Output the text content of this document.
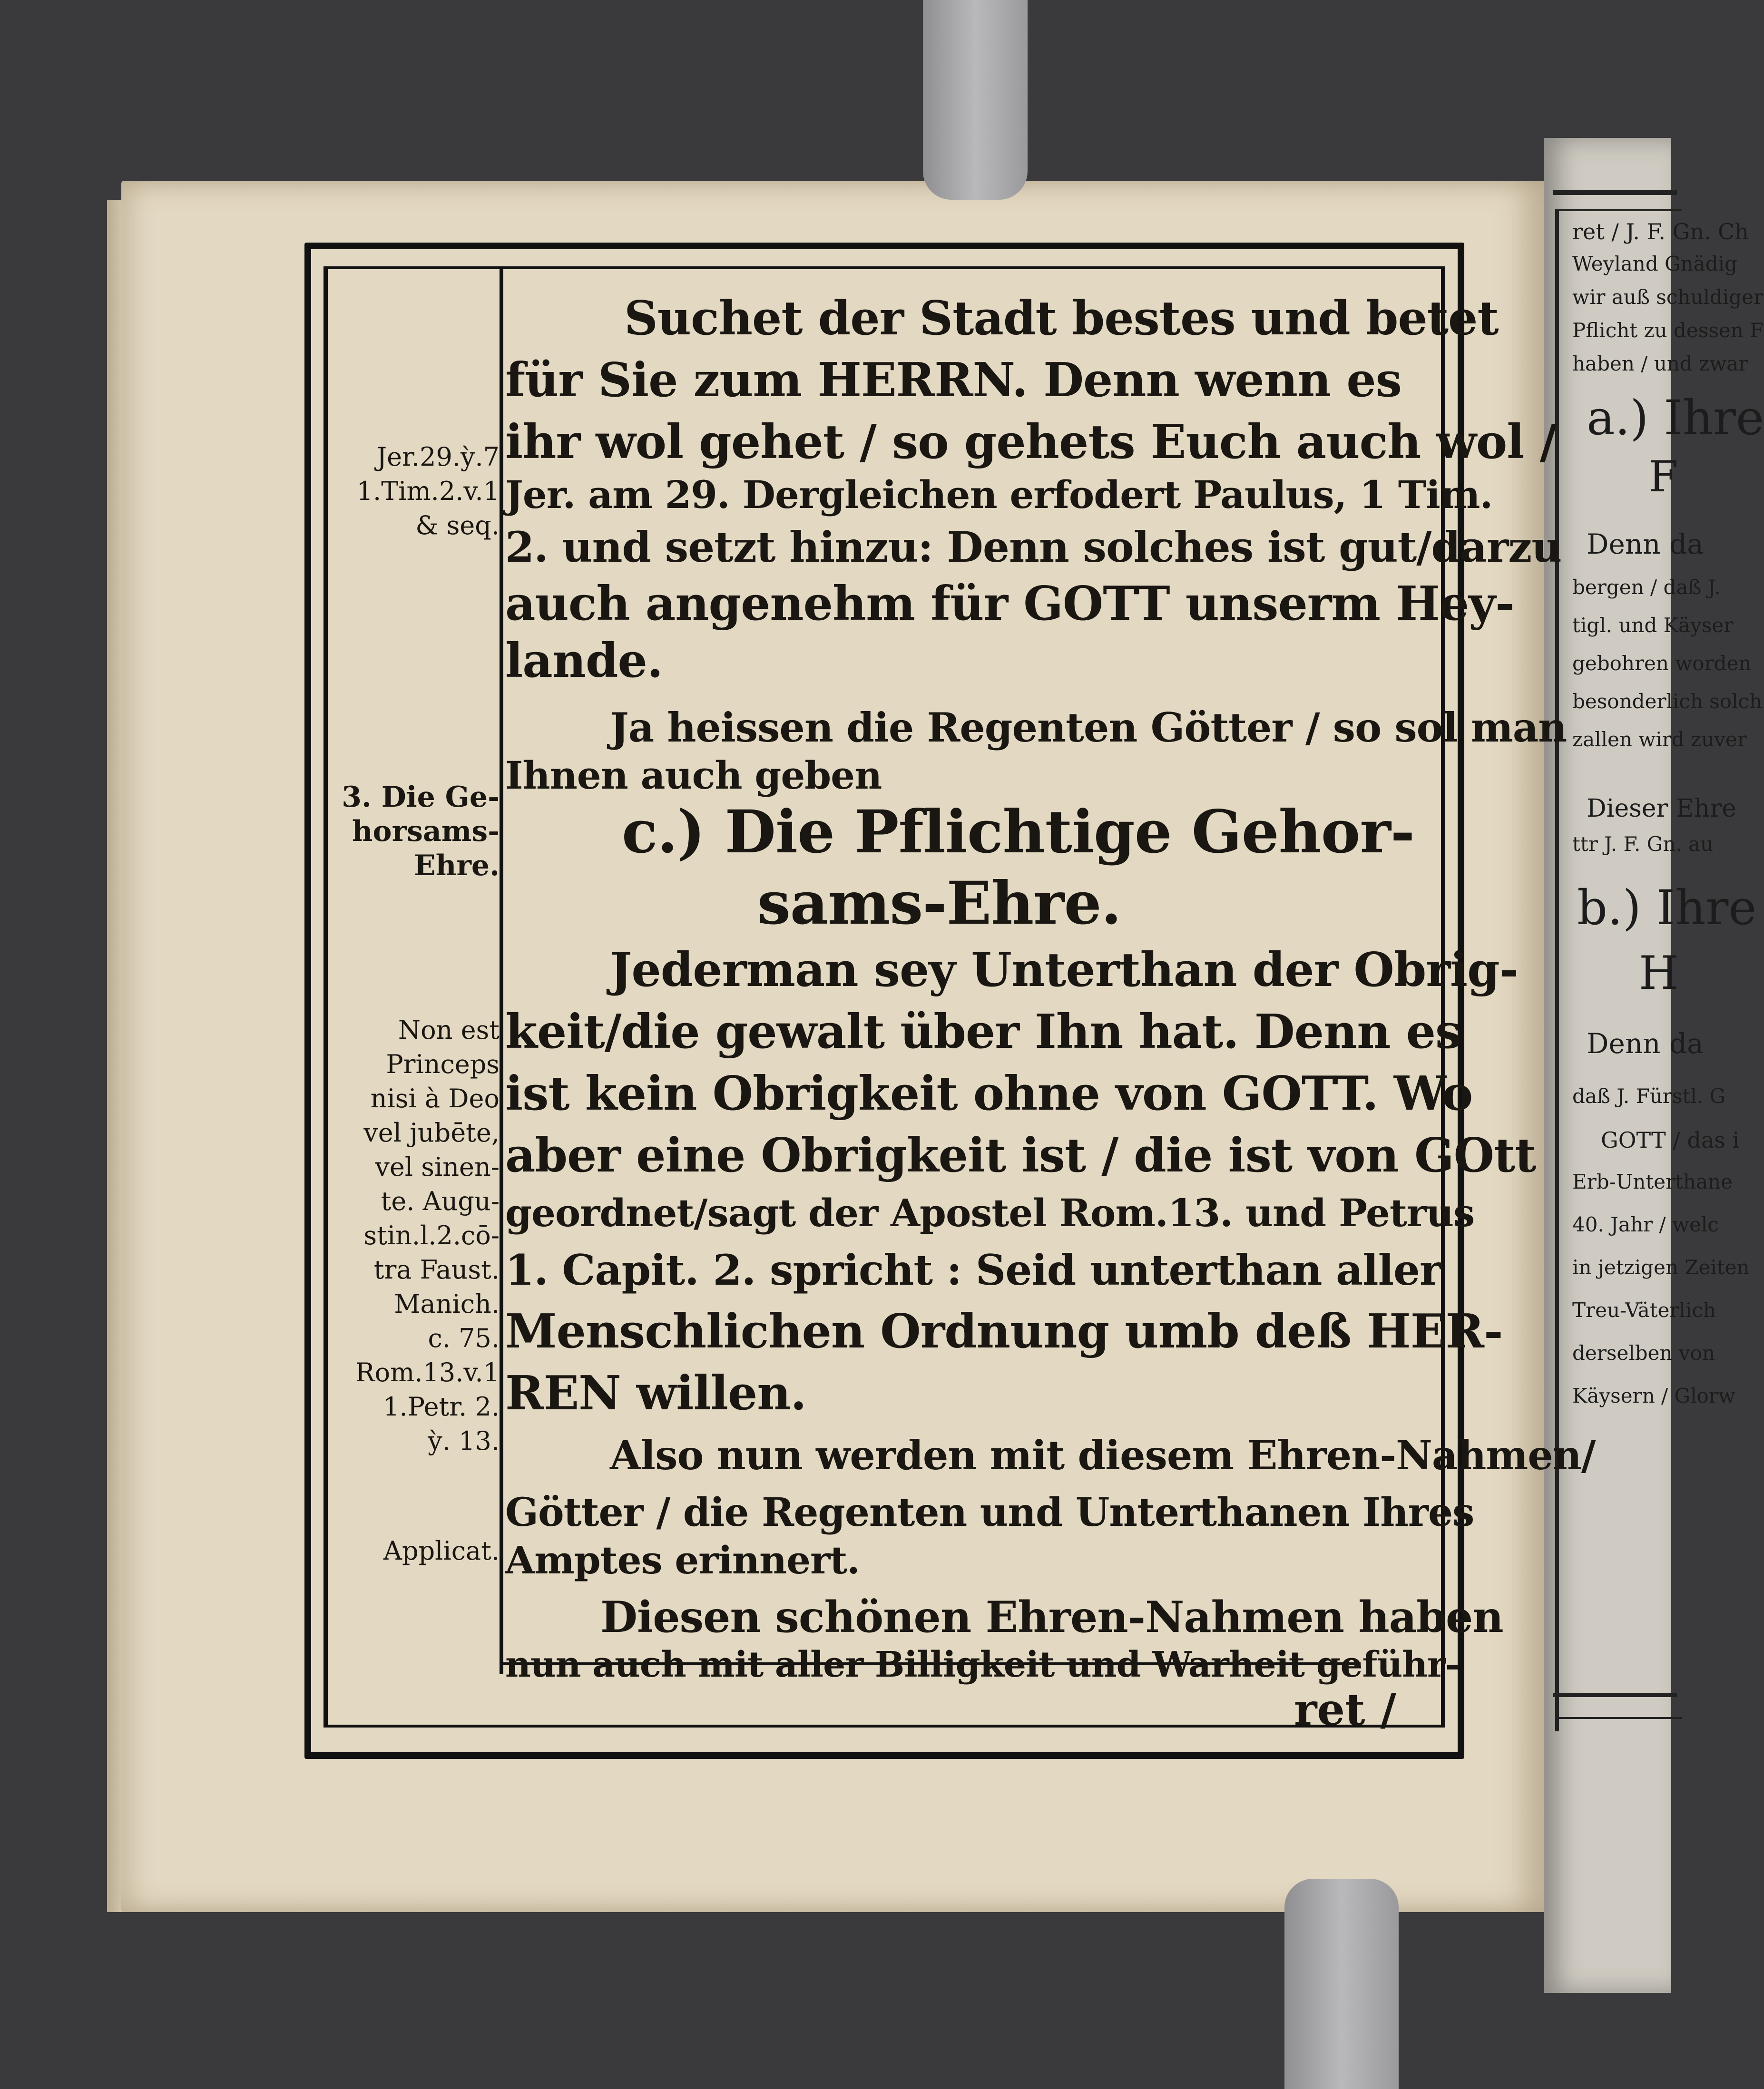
ret / J. F. Gn. Ch
Weyland Gnädig
wir auß schuldiger
Pflicht zu dessen F
haben / und zwar
a.) Ihre
F
Denn da
bergen / daß J.
tigl. und Käyser
gebohren worden
besonderlich solch
zallen wird zuver
Dieser Ehre
ttr J. F. Gn. au
b.) Ihre
H
Denn da
daß J. Fürstl. G
GOTT / das i
Erb-Unterthane
40. Jahr / welc
in jetzigen Zeiten
Treu-Väterlich
derselben von
Käysern / Glorw
Jer.29.ỳ.7
1.Tim.2.v.1
& seq.
3. Die Ge-
horsams-
Ehre.
Non est
Princeps
nisi à Deo
vel jubēte,
vel sinen-
te. Augu-
stin.l.2.cō-
tra Faust.
Manich.
c. 75.
Rom.13.v.1
1.Petr. 2.
ỳ. 13.
Applicat.
Suchet der Stadt bestes und betet
für Sie zum HERRN. Denn wenn es
ihr wol gehet / so gehets Euch auch wol /
Jer. am 29. Dergleichen erfodert Paulus, 1 Tim.
2. und setzt hinzu: Denn solches ist gut/darzu
auch angenehm für GOTT unserm Hey-
lande.
Ja heissen die Regenten Götter / so sol man
Ihnen auch geben
c.) Die Pflichtige Gehor-
sams-Ehre.
Jederman sey Unterthan der Obrig-
keit/die gewalt über Ihn hat. Denn es
ist kein Obrigkeit ohne von GOTT. Wo
aber eine Obrigkeit ist / die ist von GOtt
geordnet/sagt der Apostel Rom.13. und Petrus
1. Capit. 2. spricht : Seid unterthan aller
Menschlichen Ordnung umb deß HER-
REN willen.
Also nun werden mit diesem Ehren-Nahmen/
Götter / die Regenten und Unterthanen Ihres
Amptes erinnert.
Diesen schönen Ehren-Nahmen haben
nun auch mit aller Billigkeit und Warheit geführ-
ret /
